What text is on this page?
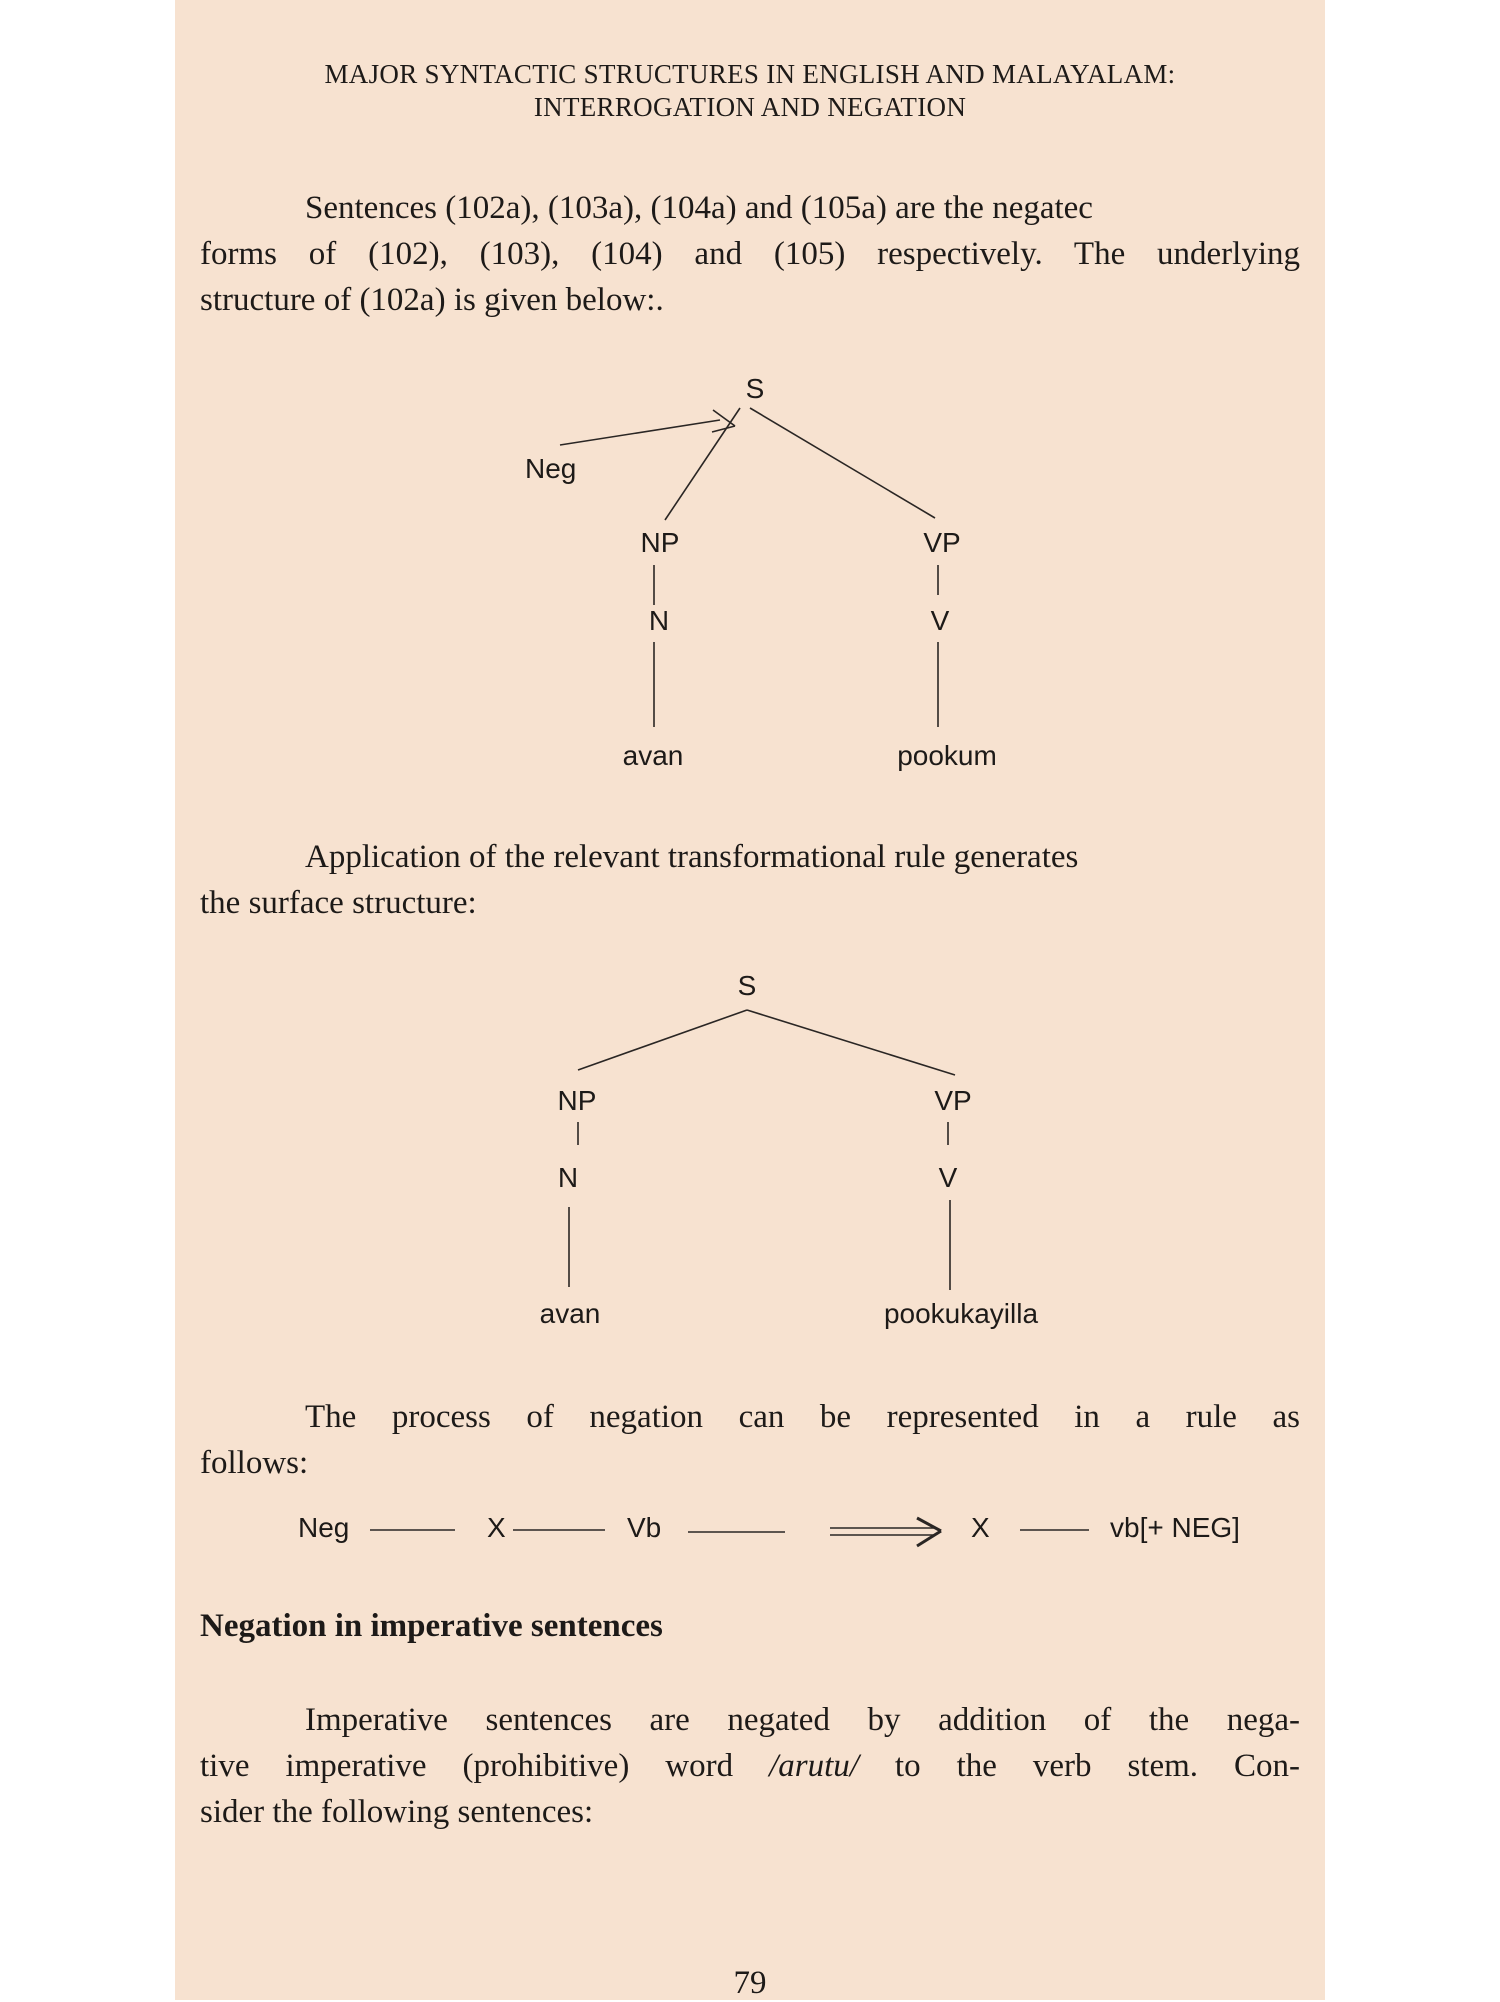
MAJOR SYNTACTIC STRUCTURES IN ENGLISH AND MALAYALAM:
INTERROGATION AND NEGATION
Sentences (102a), (103a), (104a) and (105a) are the negatec
forms of (102), (103), (104) and (105) respectively. The underlying
structure of (102a) is given below:.
S
Neg
NP	VP
N	V
avan	pookum
Application of the relevant transformational rule generates
the surface structure:
S
NP	VP
N	V
avan	pookukayilla
The process of negation can be represented in a rule as
follows:
Neg	X	Vb	X	vb[+ NEG]
Negation in imperative sentences
Imperative sentences are negated by addition of the nega-
tive imperative (prohibitive) word /arutu/ to the verb stem. Con-
sider the following sentences:
79
